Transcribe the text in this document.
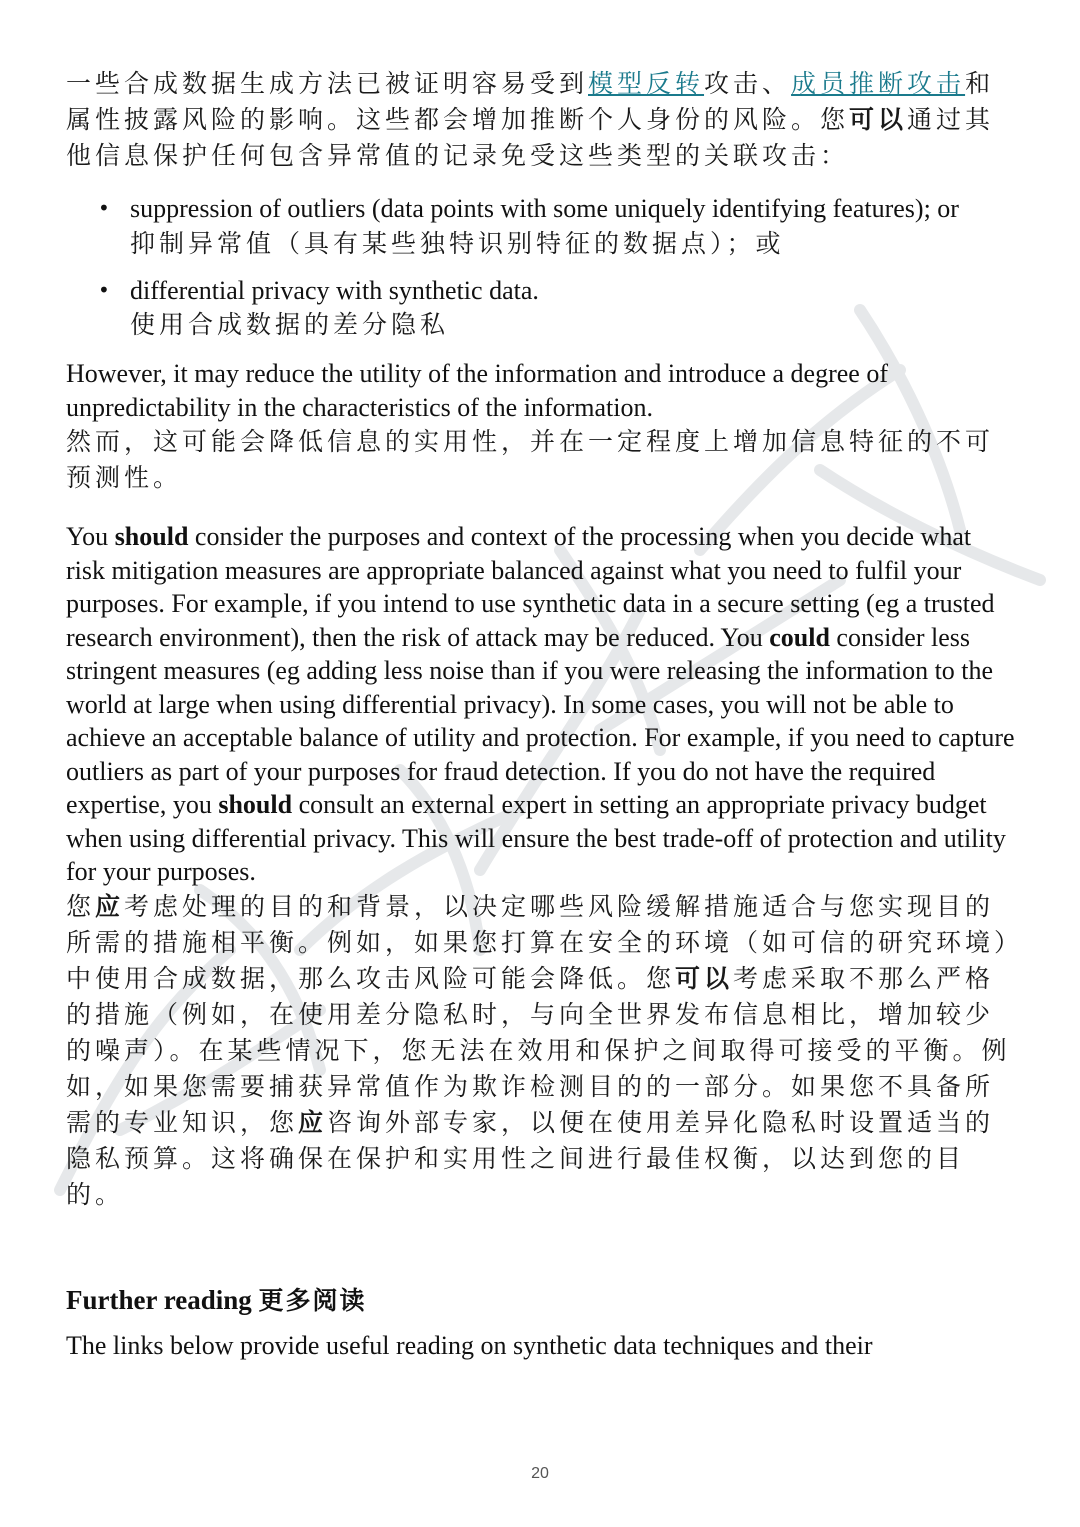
一些合成数据生成方法已被证明容易受到模型反转攻击、成员推断攻击和属性披露风险的影响。这些都会增加推断个人身份的风险。您可以通过其他信息保护任何包含异常值的记录免受这些类型的关联攻击：

• suppression of outliers (data points with some uniquely identifying features); or

抑制异常值（具有某些独特识别特征的数据点）；或

• differential privacy with synthetic data.

使用合成数据的差分隐私

However, it may reduce the utility of the information and introduce a degree of unpredictability in the characteristics of the information.

然而，这可能会降低信息的实用性，并在一定程度上增加信息特征的不可预测性。

You should consider the purposes and context of the processing when you decide what risk mitigation measures are appropriate balanced against what you need to fulfil your purposes. For example, if you intend to use synthetic data in a secure setting (eg a trusted research environment), then the risk of attack may be reduced. You could consider less stringent measures (eg adding less noise than if you were releasing the information to the world at large when using differential privacy). In some cases, you will not be able to achieve an acceptable balance of utility and protection. For example, if you need to capture outliers as part of your purposes for fraud detection. If you do not have the required expertise, you should consult an external expert in setting an appropriate privacy budget when using differential privacy. This will ensure the best trade-off of protection and utility for your purposes.

您应考虑处理的目的和背景，以决定哪些风险缓解措施适合与您实现目的所需的措施相平衡。例如，如果您打算在安全的环境（如可信的研究环境）中使用合成数据，那么攻击风险可能会降低。您可以考虑采取不那么严格的措施（例如，在使用差分隐私时，与向全世界发布信息相比，增加较少的噪声）。在某些情况下，您无法在效用和保护之间取得可接受的平衡。例如，如果您需要捕获异常值作为欺诈检测目的的一部分。如果您不具备所需的专业知识，您应咨询外部专家，以便在使用差异化隐私时设置适当的隐私预算。这将确保在保护和实用性之间进行最佳权衡，以达到您的目的。

Further reading 更多阅读

The links below provide useful reading on synthetic data techniques and their

20
